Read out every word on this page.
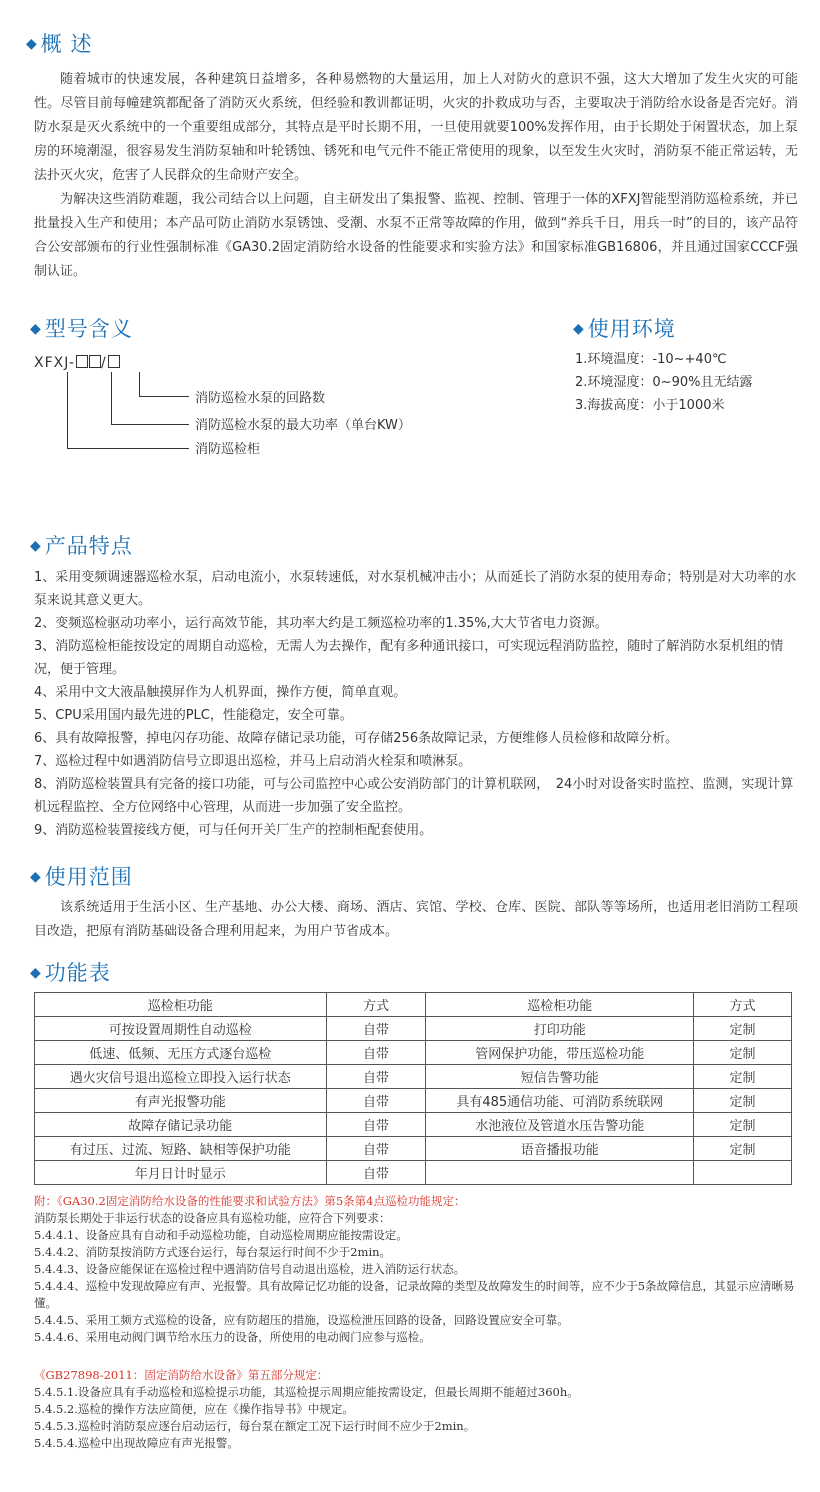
◆ 概 述

随着城市的快速发展，各种建筑日益增多，各种易燃物的大量运用，加上人对防火的意识不强，这大大增加了发生火灾的可能性。尽管目前每幢建筑都配备了消防灭火系统，但经验和教训都证明，火灾的扑救成功与否，主要取决于消防给水设备是否完好。消防水泵是灭火系统中的一个重要组成部分，其特点是平时长期不用，一旦使用就要100%发挥作用，由于长期处于闲置状态，加上泵房的环境潮湿，很容易发生消防泵轴和叶轮锈蚀、锈死和电气元件不能正常使用的现象，以至发生火灾时，消防泵不能正常运转，无法扑灭火灾，危害了人民群众的生命财产安全。

为解决这些消防难题，我公司结合以上问题，自主研发出了集报警、监视、控制、管理于一体的XFXJ智能型消防巡检系统，并已批量投入生产和使用；本产品可防止消防水泵锈蚀、受潮、水泵不正常等故障的作用，做到“养兵千日，用兵一时”的目的，该产品符合公安部颁布的行业性强制标准《GA30.2固定消防给水设备的性能要求和实验方法》和国家标准GB16806，并且通过国家CCCF强制认证。

◆ 型号含义
XFXJ- /
消防巡检水泵的回路数
消防巡检水泵的最大功率（单台KW）
消防巡检柜
◆ 使用环境
1.环境温度：-10~+40℃
2.环境湿度：0~90%且无结露
3.海拔高度：小于1000米
◆ 产品特点
1、采用变频调速器巡检水泵，启动电流小，水泵转速低，对水泵机械冲击小；从而延长了消防水泵的使用寿命；特别是对大功率的水泵来说其意义更大。
2、变频巡检驱动功率小，运行高效节能，其功率大约是工频巡检功率的1.35%,大大节省电力资源。
3、消防巡检柜能按设定的周期自动巡检，无需人为去操作，配有多种通讯接口，可实现远程消防监控，随时了解消防水泵机组的情况，便于管理。
4、采用中文大液晶触摸屏作为人机界面，操作方便，简单直观。
5、CPU采用国内最先进的PLC，性能稳定，安全可靠。
6、具有故障报警，掉电闪存功能、故障存储记录功能，可存储256条故障记录，方便维修人员检修和故障分析。
7、巡检过程中如遇消防信号立即退出巡检，并马上启动消火栓泵和喷淋泵。
8、消防巡检装置具有完备的接口功能，可与公司监控中心或公安消防部门的计算机联网，　24小时对设备实时监控、监测，实现计算机远程监控、全方位网络中心管理，从而进一步加强了安全监控。
9、消防巡检装置接线方便，可与任何开关厂生产的控制柜配套使用。
◆ 使用范围

该系统适用于生活小区、生产基地、办公大楼、商场、酒店、宾馆、学校、仓库、医院、部队等等场所，也适用老旧消防工程项目改造，把原有消防基础设备合理利用起来，为用户节省成本。

◆ 功能表
巡检柜功能	方式	巡检柜功能	方式
可按设置周期性自动巡检	自带	打印功能	定制
低速、低频、无压方式逐台巡检	自带	管网保护功能，带压巡检功能	定制
遇火灾信号退出巡检立即投入运行状态	自带	短信告警功能	定制
有声光报警功能	自带	具有485通信功能、可消防系统联网	定制
故障存储记录功能	自带	水池液位及管道水压告警功能	定制
有过压、过流、短路、缺相等保护功能	自带	语音播报功能	定制
年月日计时显示	自带		
附：《GA30.2固定消防给水设备的性能要求和试验方法》第5条第4点巡检功能规定：
消防泵长期处于非运行状态的设备应具有巡检功能，应符合下列要求：
5.4.4.1、设备应具有自动和手动巡检功能，自动巡检周期应能按需设定。
5.4.4.2、消防泵按消防方式逐台运行，每台泵运行时间不少于2min。
5.4.4.3、设备应能保证在巡检过程中遇消防信号自动退出巡检，进入消防运行状态。
5.4.4.4、巡检中发现故障应有声、光报警。具有故障记忆功能的设备，记录故障的类型及故障发生的时间等，应不少于5条故障信息，其显示应清晰易懂。
5.4.4.5、采用工频方式巡检的设备，应有防超压的措施，设巡检泄压回路的设备，回路设置应安全可靠。
5.4.4.6、采用电动阀门调节给水压力的设备，所使用的电动阀门应参与巡检。
《GB27898-2011：固定消防给水设备》第五部分规定：
5.4.5.1.设备应具有手动巡检和巡检提示功能，其巡检提示周期应能按需设定，但最长周期不能超过360h。
5.4.5.2.巡检的操作方法应简便，应在《操作指导书》中规定。
5.4.5.3.巡检时消防泵应逐台启动运行，每台泵在额定工况下运行时间不应少于2min。
5.4.5.4.巡检中出现故障应有声光报警。
